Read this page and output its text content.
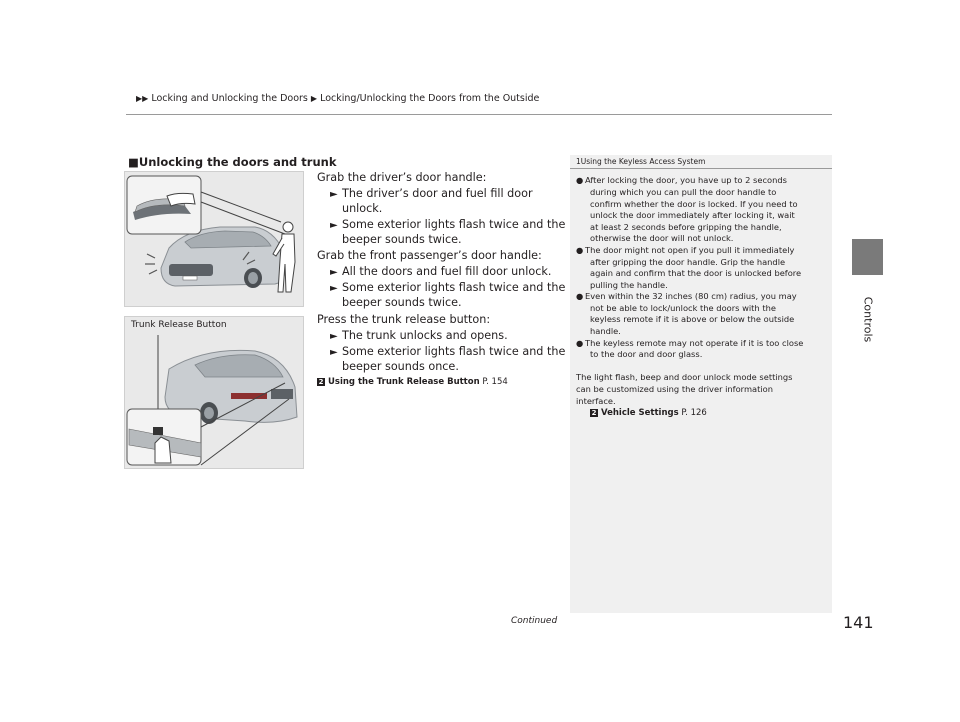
▶▶ Locking and Unlocking the Doors ▶ Locking/Unlocking the Doors from the Outside
Controls
■Unlocking the doors and trunk
Trunk Release Button
Grab the driver’s door handle:
► The driver’s door and fuel fill door
unlock.
► Some exterior lights flash twice and the
beeper sounds twice.
Grab the front passenger’s door handle:
► All the doors and fuel fill door unlock.
► Some exterior lights flash twice and the
beeper sounds twice.
Press the trunk release button:
► The trunk unlocks and opens.
► Some exterior lights flash twice and the
beeper sounds once.
2 Using the Trunk Release Button P. 154
1Using the Keyless Access System
● After locking the door, you have up to 2 seconds
during which you can pull the door handle to
confirm whether the door is locked. If you need to
unlock the door immediately after locking it, wait
at least 2 seconds before gripping the handle,
otherwise the door will not unlock.
● The door might not open if you pull it immediately
after gripping the door handle. Grip the handle
again and confirm that the door is unlocked before
pulling the handle.
● Even within the 32 inches (80 cm) radius, you may
not be able to lock/unlock the doors with the
keyless remote if it is above or below the outside
handle.
● The keyless remote may not operate if it is too close
to the door and door glass.
The light flash, beep and door unlock mode settings
can be customized using the driver information
interface.
2 Vehicle Settings P. 126
Continued	141
